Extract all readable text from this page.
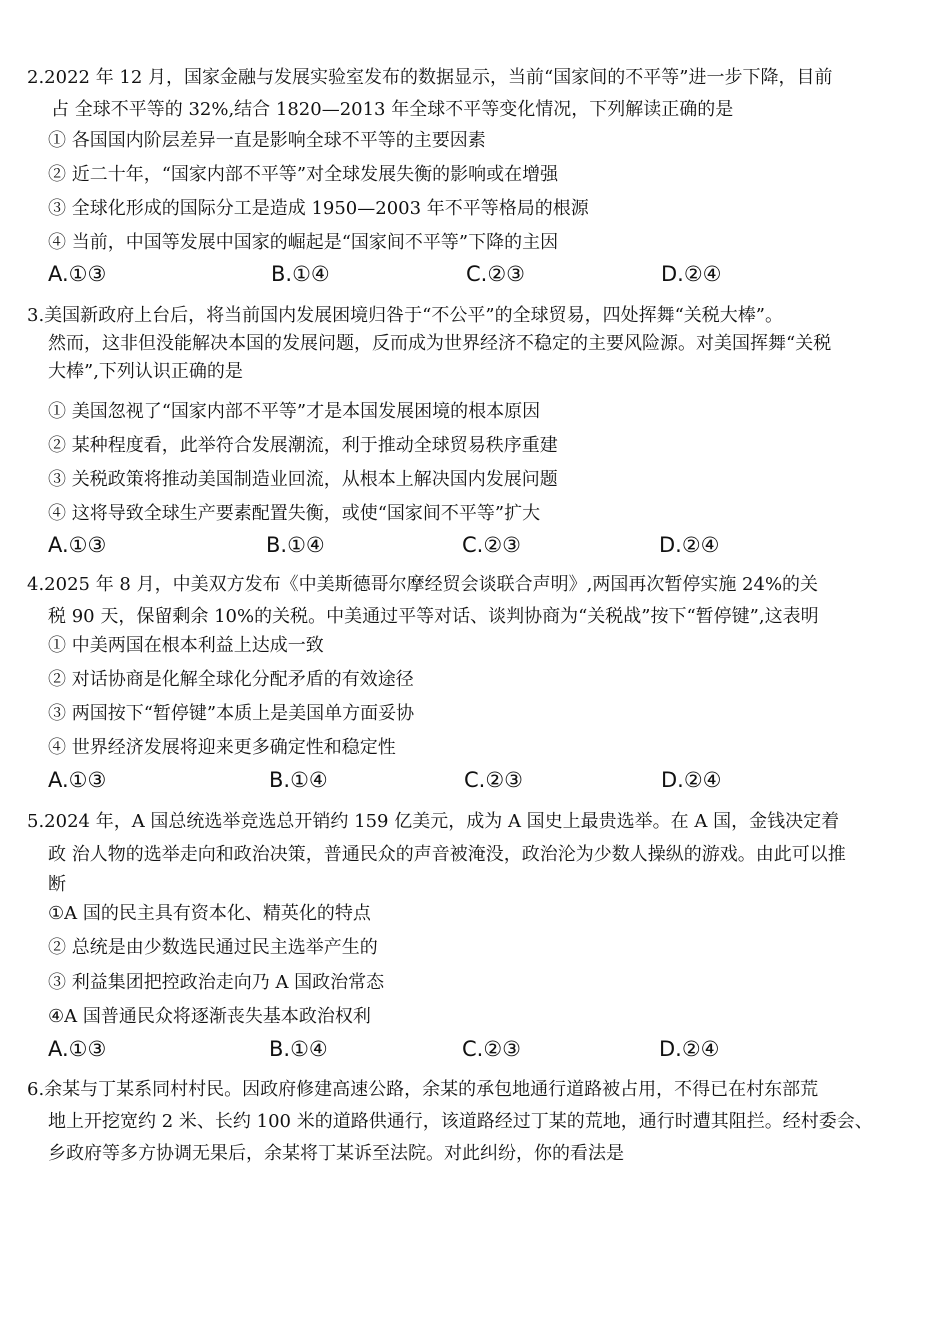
2.2022 年 12 月，国家金融与发展实验室发布的数据显示，当前“国家间的不平等”进一步下降，目前
占 全球不平等的 32%,结合 1820—2013 年全球不平等变化情况，下列解读正确的是
① 各国国内阶层差异一直是影响全球不平等的主要因素
② 近二十年，“国家内部不平等”对全球发展失衡的影响或在增强
③ 全球化形成的国际分工是造成 1950—2003 年不平等格局的根源
④ 当前，中国等发展中国家的崛起是“国家间不平等”下降的主因
A.①③	B.①④	C.②③	D.②④
3.美国新政府上台后，将当前国内发展困境归咎于“不公平”的全球贸易，四处挥舞“关税大棒”。
然而，这非但没能解决本国的发展问题，反而成为世界经济不稳定的主要风险源。对美国挥舞“关税
大棒”,下列认识正确的是
① 美国忽视了“国家内部不平等”才是本国发展困境的根本原因
② 某种程度看，此举符合发展潮流，利于推动全球贸易秩序重建
③ 关税政策将推动美国制造业回流，从根本上解决国内发展问题
④ 这将导致全球生产要素配置失衡，或使“国家间不平等”扩大
A.①③	B.①④	C.②③	D.②④
4.2025 年 8 月，中美双方发布《中美斯德哥尔摩经贸会谈联合声明》,两国再次暂停实施 24%的关
税 90 天，保留剩余 10%的关税。中美通过平等对话、谈判协商为“关税战”按下“暂停键”,这表明
① 中美两国在根本利益上达成一致
② 对话协商是化解全球化分配矛盾的有效途径
③ 两国按下“暂停键”本质上是美国单方面妥协
④ 世界经济发展将迎来更多确定性和稳定性
A.①③	B.①④	C.②③	D.②④
5.2024 年，A 国总统选举竞选总开销约 159 亿美元，成为 A 国史上最贵选举。在 A 国，金钱决定着
政 治人物的选举走向和政治决策，普通民众的声音被淹没，政治沦为少数人操纵的游戏。由此可以推
断
①A 国的民主具有资本化、精英化的特点
② 总统是由少数选民通过民主选举产生的
③ 利益集团把控政治走向乃 A 国政治常态
④A 国普通民众将逐渐丧失基本政治权利
A.①③	B.①④	C.②③	D.②④
6.余某与丁某系同村村民。因政府修建高速公路，余某的承包地通行道路被占用，不得已在村东部荒
地上开挖宽约 2 米、长约 100 米的道路供通行，该道路经过丁某的荒地，通行时遭其阻拦。经村委会、
乡政府等多方协调无果后，余某将丁某诉至法院。对此纠纷，你的看法是
